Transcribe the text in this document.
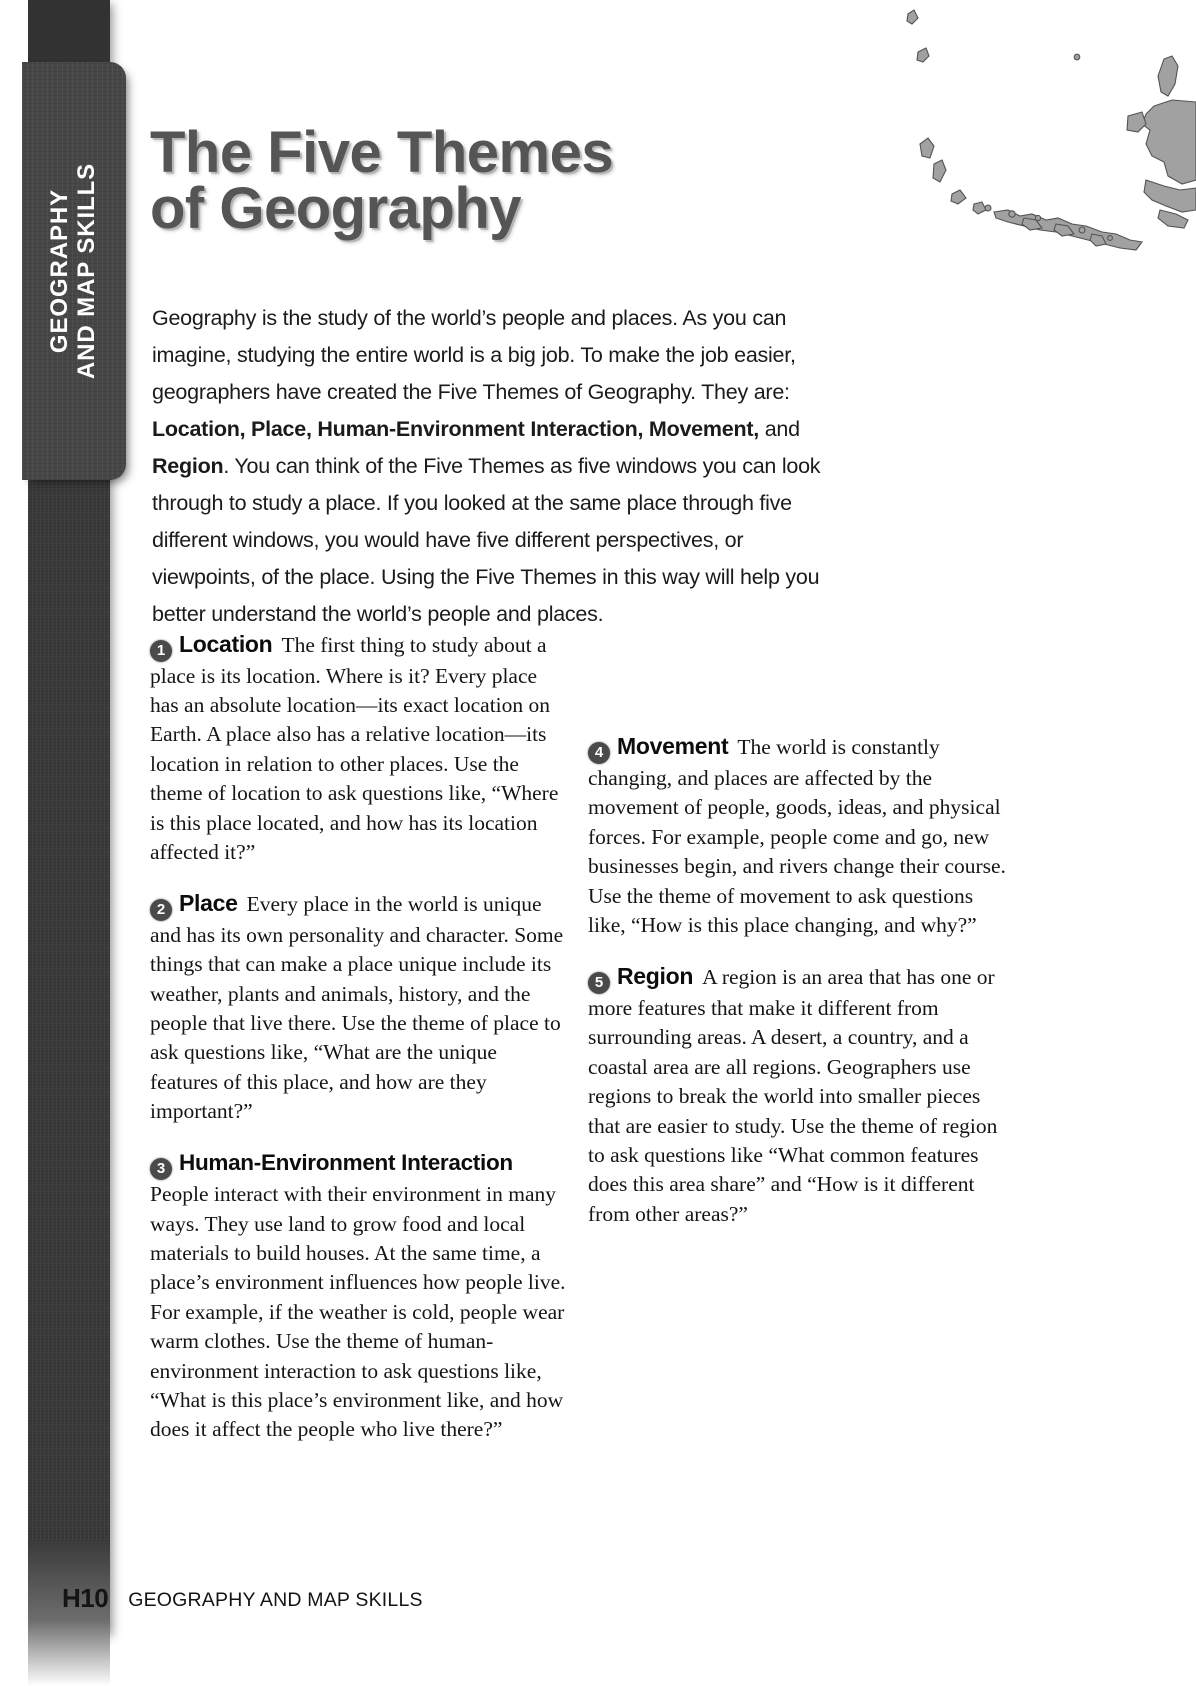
GEOGRAPHY AND MAP SKILLS
The Five Themes
of Geography

Geography is the study of the world’s people and places. As you can imagine, studying the entire world is a big job. To make the job easier, geographers have created the Five Themes of Geography. They are: Location, Place, Human-Environment Interaction, Movement, and Region. You can think of the Five Themes as five windows you can look through to study a place. If you looked at the same place through five different windows, you would have five different perspectives, or viewpoints, of the place. Using the Five Themes in this way will help you better understand the world’s people and places.

1 Location The first thing to study about a place is its location. Where is it? Every place has an absolute location—its exact location on Earth. A place also has a relative location—its location in relation to other places. Use the theme of location to ask questions like, “Where is this place located, and how has its location affected it?”

2 Place Every place in the world is unique and has its own personality and character. Some things that can make a place unique include its weather, plants and animals, history, and the people that live there. Use the theme of place to ask questions like, “What are the unique features of this place, and how are they important?”

3 Human-Environment Interaction
People interact with their environment in many ways. They use land to grow food and local materials to build houses. At the same time, a place’s environment influences how people live. For example, if the weather is cold, people wear warm clothes. Use the theme of human-environment interaction to ask questions like, “What is this place’s environment like, and how does it affect the people who live there?”

4 Movement The world is constantly changing, and places are affected by the movement of people, goods, ideas, and physical forces. For example, people come and go, new businesses begin, and rivers change their course. Use the theme of movement to ask questions like, “How is this place changing, and why?”

5 Region A region is an area that has one or more features that make it different from surrounding areas. A desert, a country, and a coastal area are all regions. Geographers use regions to break the world into smaller pieces that are easier to study. Use the theme of region to ask questions like “What common features does this area share” and “How is it different from other areas?”

H10 GEOGRAPHY AND MAP SKILLS
